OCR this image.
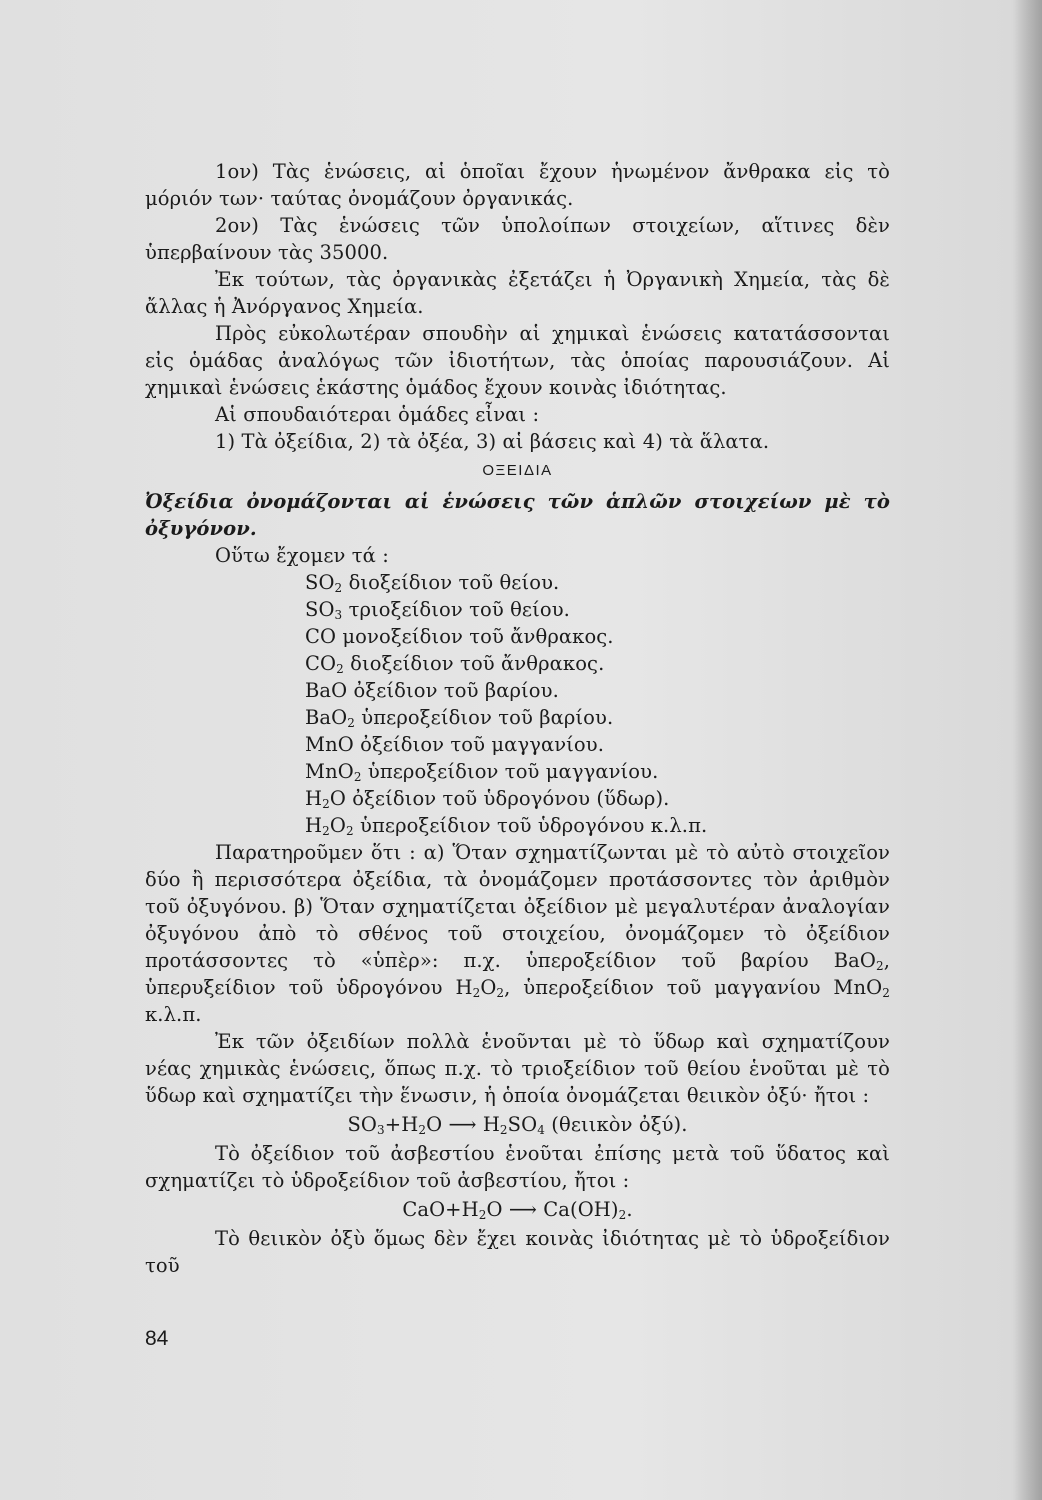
1ον) Τὰς ἑνώσεις, αἱ ὁποῖαι ἔχουν ἡνωμένον ἄνθρακα εἰς τὸ μόριόν των· ταύτας ὀνομάζουν ὀργανικάς.

2ον) Τὰς ἑνώσεις τῶν ὑπολοίπων στοιχείων, αἵτινες δὲν ὑπερβαίνουν τὰς 35000.

Ἐκ τούτων, τὰς ὀργανικὰς ἐξετάζει ἡ Ὀργανικὴ Χημεία, τὰς δὲ ἄλλας ἡ Ἀνόργανος Χημεία.

Πρὸς εὐκολωτέραν σπουδὴν αἱ χημικαὶ ἑνώσεις κατατάσσονται εἰς ὁμάδας ἀναλόγως τῶν ἰδιοτήτων, τὰς ὁποίας παρουσιάζουν. Αἱ χημικαὶ ἑνώσεις ἑκάστης ὁμάδος ἔχουν κοινὰς ἰδιότητας.

Αἱ σπουδαιότεραι ὁμάδες εἶναι :

1) Τὰ ὀξείδια, 2) τὰ ὀξέα, 3) αἱ βάσεις καὶ 4) τὰ ἅλατα.

ΟΞΕΙΔΙΑ

Ὀξείδια ὀνομάζονται αἱ ἑνώσεις τῶν ἁπλῶν στοιχείων μὲ τὸ ὀξυγόνον.

Οὕτω ἔχομεν τά :

$SO_2$ διοξείδιον τοῦ θείου.
$SO_3$ τριοξείδιον τοῦ θείου.
CO μονοξείδιον τοῦ ἄνθρακος.
$CO_2$ διοξείδιον τοῦ ἄνθρακος.
BaO ὀξείδιον τοῦ βαρίου.
BaO$_2$ ὑπεροξείδιον τοῦ βαρίου.
MnO ὀξείδιον τοῦ μαγγανίου.
MnO$_2$ ὑπεροξείδιον τοῦ μαγγανίου.
$H_2O$ ὀξείδιον τοῦ ὑδρογόνου (ὕδωρ).
$H_2O_2$ ὑπεροξείδιον τοῦ ὑδρογόνου κ.λ.π.

Παρατηροῦμεν ὅτι : α) Ὅταν σχηματίζωνται μὲ τὸ αὐτὸ στοιχεῖον δύο ἢ περισσότερα ὀξείδια, τὰ ὀνομάζομεν προτάσσοντες τὸν ἀριθμὸν τοῦ ὀξυγόνου. β) Ὅταν σχηματίζεται ὀξείδιον μὲ μεγαλυτέραν ἀναλογίαν ὀξυγόνου ἀπὸ τὸ σθένος τοῦ στοιχείου, ὀνομάζομεν τὸ ὀξείδιον προτάσσοντες τὸ «ὑπὲρ»: π.χ. ὑπεροξείδιον τοῦ βαρίου BaO$_2$, ὑπερυξείδιον τοῦ ὑδρογόνου $H_2O_2$, ὑπεροξείδιον τοῦ μαγγανίου MnO$_2$ κ.λ.π.

Ἐκ τῶν ὀξειδίων πολλὰ ἑνοῦνται μὲ τὸ ὕδωρ καὶ σχηματίζουν νέας χημικὰς ἑνώσεις, ὅπως π.χ. τὸ τριοξείδιον τοῦ θείου ἑνοῦται μὲ τὸ ὕδωρ καὶ σχηματίζει τὴν ἕνωσιν, ἡ ὁποία ὀνομάζεται θειικὸν ὀξύ· ἤτοι :

$SO_3+H_2O$ ⟶ $H_2SO_4$ (θειικὸν ὀξύ).

Τὸ ὀξείδιον τοῦ ἀσβεστίου ἑνοῦται ἐπίσης μετὰ τοῦ ὕδατος καὶ σχηματίζει τὸ ὑδροξείδιον τοῦ ἀσβεστίου, ἤτοι :

$CaO+H_2O$ ⟶ $Ca(OH)_2$.

Τὸ θειικὸν ὀξὺ ὅμως δὲν ἔχει κοινὰς ἰδιότητας μὲ τὸ ὑδροξείδιον τοῦ

84
